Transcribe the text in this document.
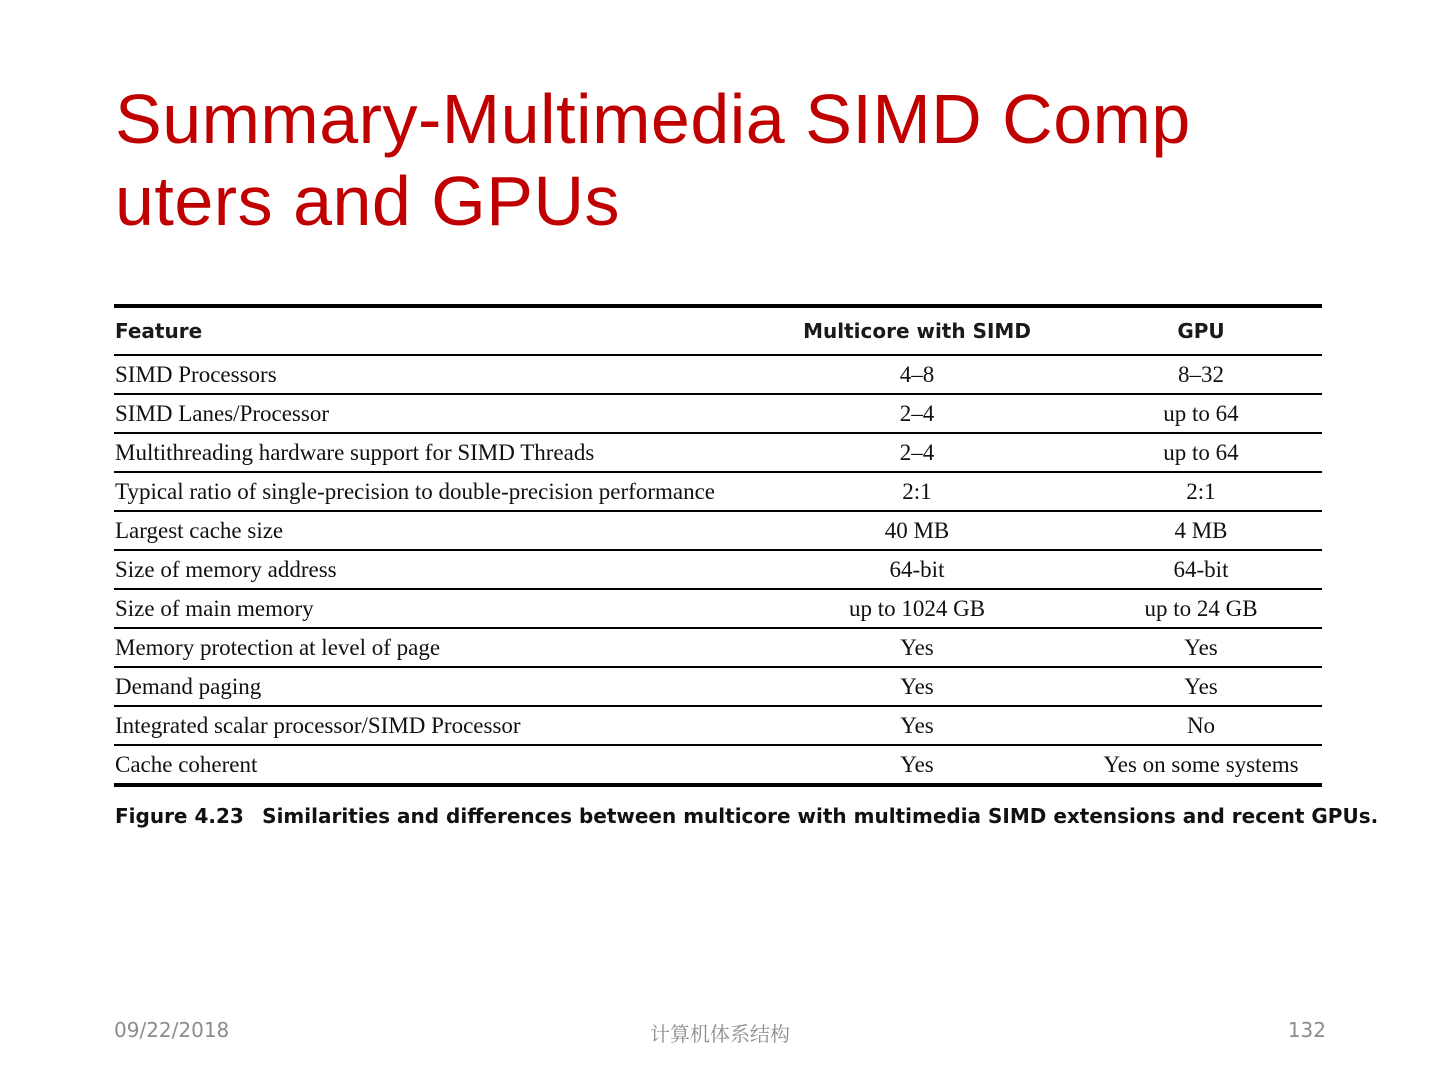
Summary-Multimedia SIMD Comp
uters and GPUs
Feature	Multicore with SIMD	GPU
SIMD Processors	4–8	8–32
SIMD Lanes/Processor	2–4	up to 64
Multithreading hardware support for SIMD Threads	2–4	up to 64
Typical ratio of single-precision to double-precision performance	2:1	2:1
Largest cache size	40 MB	4 MB
Size of memory address	64-bit	64-bit
Size of main memory	up to 1024 GB	up to 24 GB
Memory protection at level of page	Yes	Yes
Demand paging	Yes	Yes
Integrated scalar processor/SIMD Processor	Yes	No
Cache coherent	Yes	Yes on some systems
Figure 4.23 Similarities and differences between multicore with multimedia SIMD extensions and recent GPUs.
09/22/2018	计算机体系结构	132
